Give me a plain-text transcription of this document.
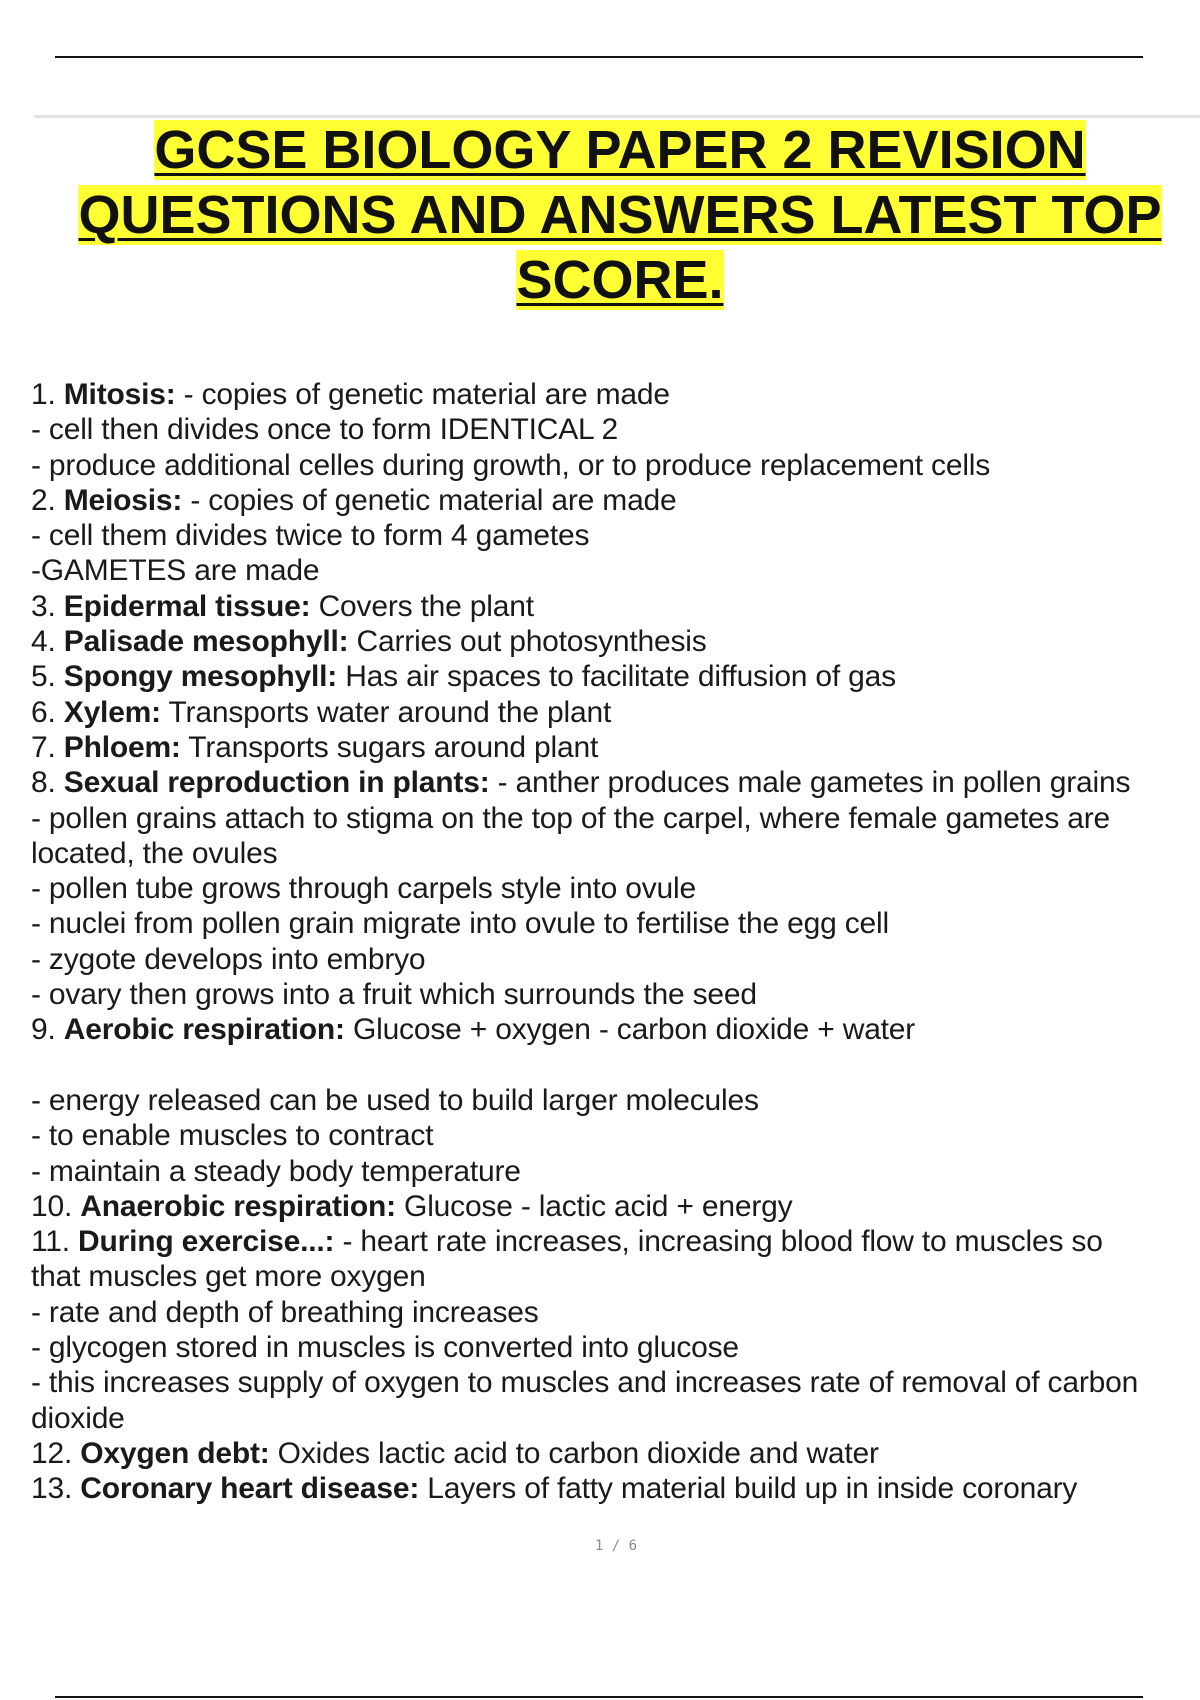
GCSE BIOLOGY PAPER 2 REVISION
QUESTIONS AND ANSWERS LATEST TOP
SCORE.
1. Mitosis: - copies of genetic material are made
- cell then divides once to form IDENTICAL 2
- produce additional celles during growth, or to produce replacement cells
2. Meiosis: - copies of genetic material are made
- cell them divides twice to form 4 gametes
-GAMETES are made
3. Epidermal tissue: Covers the plant
4. Palisade mesophyll: Carries out photosynthesis
5. Spongy mesophyll: Has air spaces to facilitate diffusion of gas
6. Xylem: Transports water around the plant
7. Phloem: Transports sugars around plant
8. Sexual reproduction in plants: - anther produces male gametes in pollen grains
- pollen grains attach to stigma on the top of the carpel, where female gametes are
located, the ovules
- pollen tube grows through carpels style into ovule
- nuclei from pollen grain migrate into ovule to fertilise the egg cell
- zygote develops into embryo
- ovary then grows into a fruit which surrounds the seed
9. Aerobic respiration: Glucose + oxygen - carbon dioxide + water
- energy released can be used to build larger molecules
- to enable muscles to contract
- maintain a steady body temperature
10. Anaerobic respiration: Glucose - lactic acid + energy
11. During exercise...: - heart rate increases, increasing blood flow to muscles so
that muscles get more oxygen
- rate and depth of breathing increases
- glycogen stored in muscles is converted into glucose
- this increases supply of oxygen to muscles and increases rate of removal of carbon
dioxide
12. Oxygen debt: Oxides lactic acid to carbon dioxide and water
13. Coronary heart disease: Layers of fatty material build up in inside coronary
1 / 6
